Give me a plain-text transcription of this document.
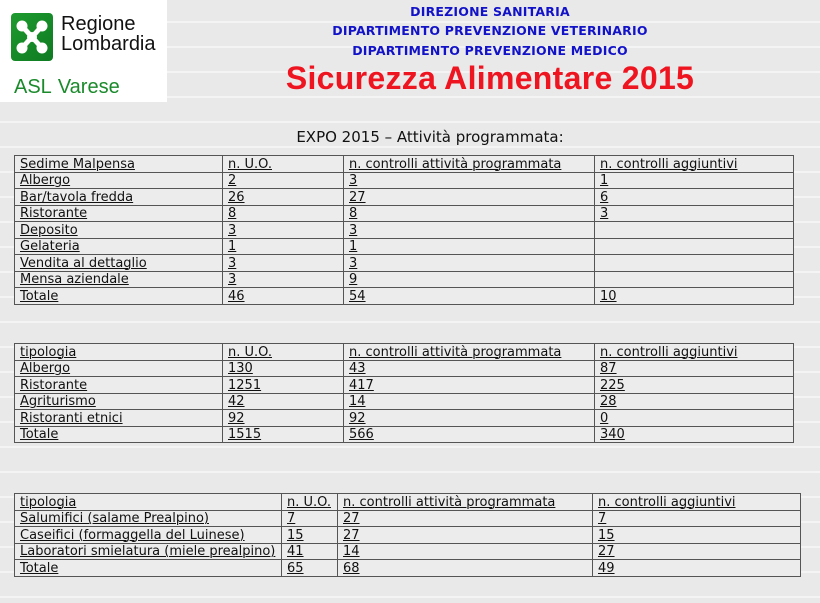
Regione
Lombardia
ASL Varese
DIREZIONE SANITARIA
DIPARTIMENTO PREVENZIONE VETERINARIO
DIPARTIMENTO PREVENZIONE MEDICO
Sicurezza Alimentare 2015
EXPO 2015 – Attività programmata:
Sedime Malpensa	n. U.O.	n. controlli attività programmata	n. controlli aggiuntivi
Albergo	2	3	1
Bar/tavola fredda	26	27	6
Ristorante	8	8	3
Deposito	3	3	
Gelateria	1	1	
Vendita al dettaglio	3	3	
Mensa aziendale	3	9	
Totale	46	54	10
tipologia	n. U.O.	n. controlli attività programmata	n. controlli aggiuntivi
Albergo	130	43	87
Ristorante	1251	417	225
Agriturismo	42	14	28
Ristoranti etnici	92	92	0
Totale	1515	566	340
tipologia	n. U.O.	n. controlli attività programmata	n. controlli aggiuntivi
Salumifici (salame Prealpino)	7	27	7
Caseifici (formaggella del Luinese)	15	27	15
Laboratori smielatura (miele prealpino)	41	14	27
Totale	65	68	49
